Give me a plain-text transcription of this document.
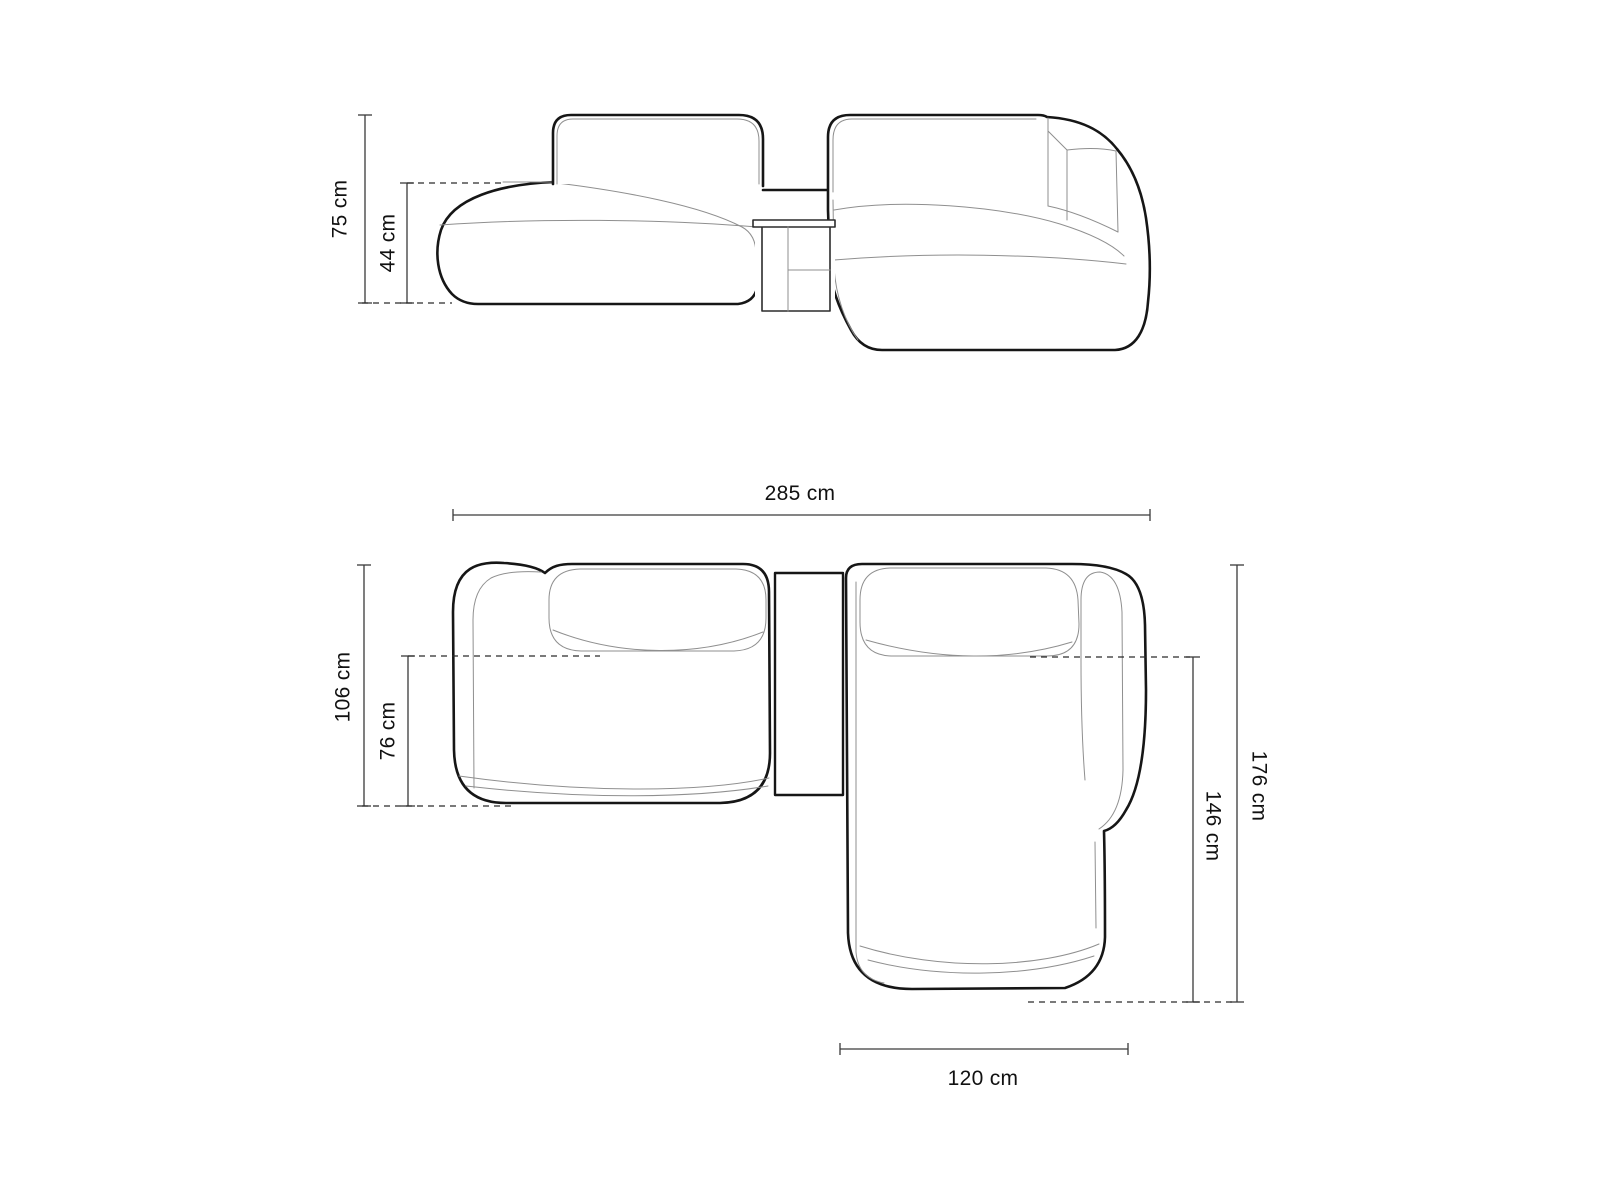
75 cm
44 cm
285 cm
106 cm
76 cm
176 cm
146 cm
120 cm
